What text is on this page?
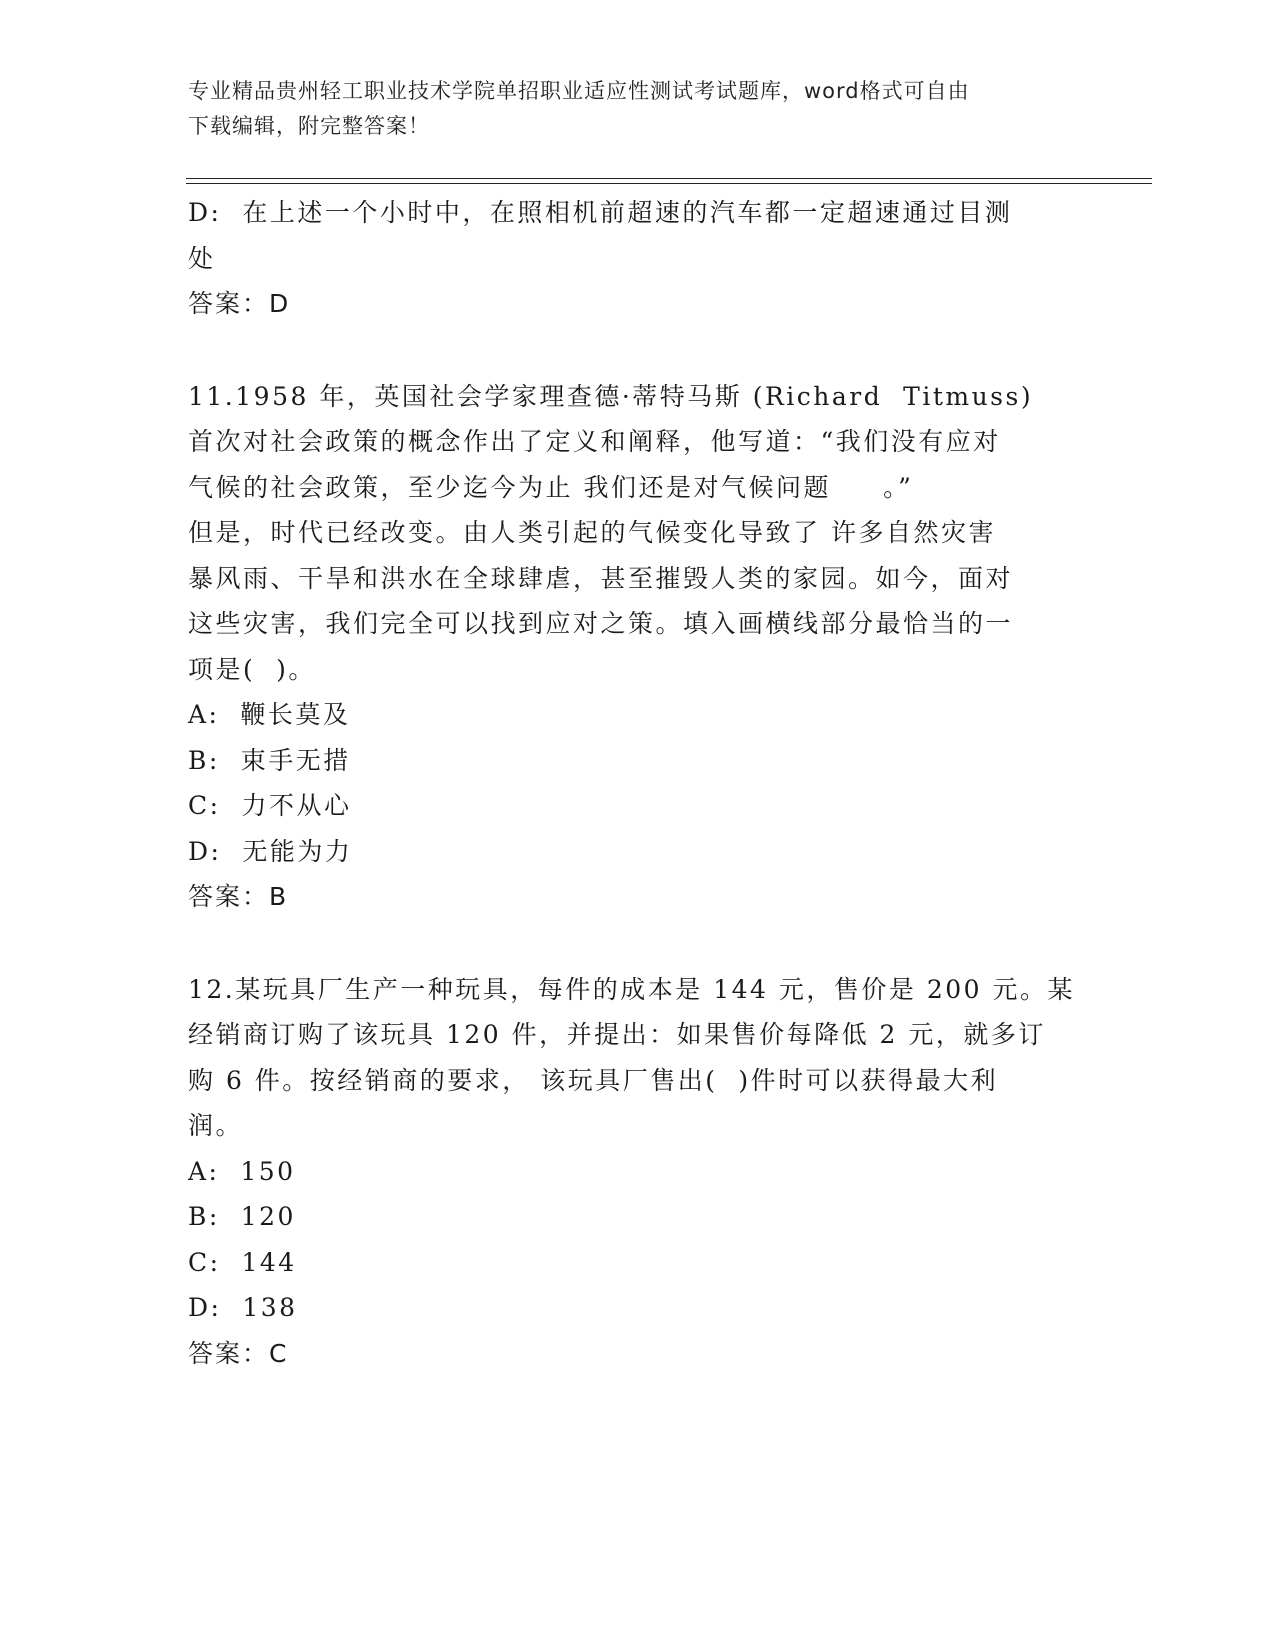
专业精品贵州轻工职业技术学院单招职业适应性测试考试题库，word格式可自由
下载编辑，附完整答案！
D:  在上述一个小时中，在照相机前超速的汽车都一定超速通过目测
处
答案：D
11.1958 年，英国社会学家理查德·蒂特马斯 (Richard  Titmuss)
首次对社会政策的概念作出了定义和阐释，他写道：“我们没有应对
气候的社会政策，至少迄今为止 我们还是对气候问题     。”
但是，时代已经改变。由人类引起的气候变化导致了 许多自然灾害
暴风雨、干旱和洪水在全球肆虐，甚至摧毁人类的家园。如今，面对
这些灾害，我们完全可以找到应对之策。填入画横线部分最恰当的一
项是(  )。
A:  鞭长莫及
B:  束手无措
C:  力不从心
D:  无能为力
答案：B
12.某玩具厂生产一种玩具，每件的成本是 144 元，售价是 200 元。某
经销商订购了该玩具 120 件，并提出：如果售价每降低 2 元，就多订
购 6 件。按经销商的要求， 该玩具厂售出(  )件时可以获得最大利
润。
A:  150
B:  120
C:  144
D:  138
答案：C
